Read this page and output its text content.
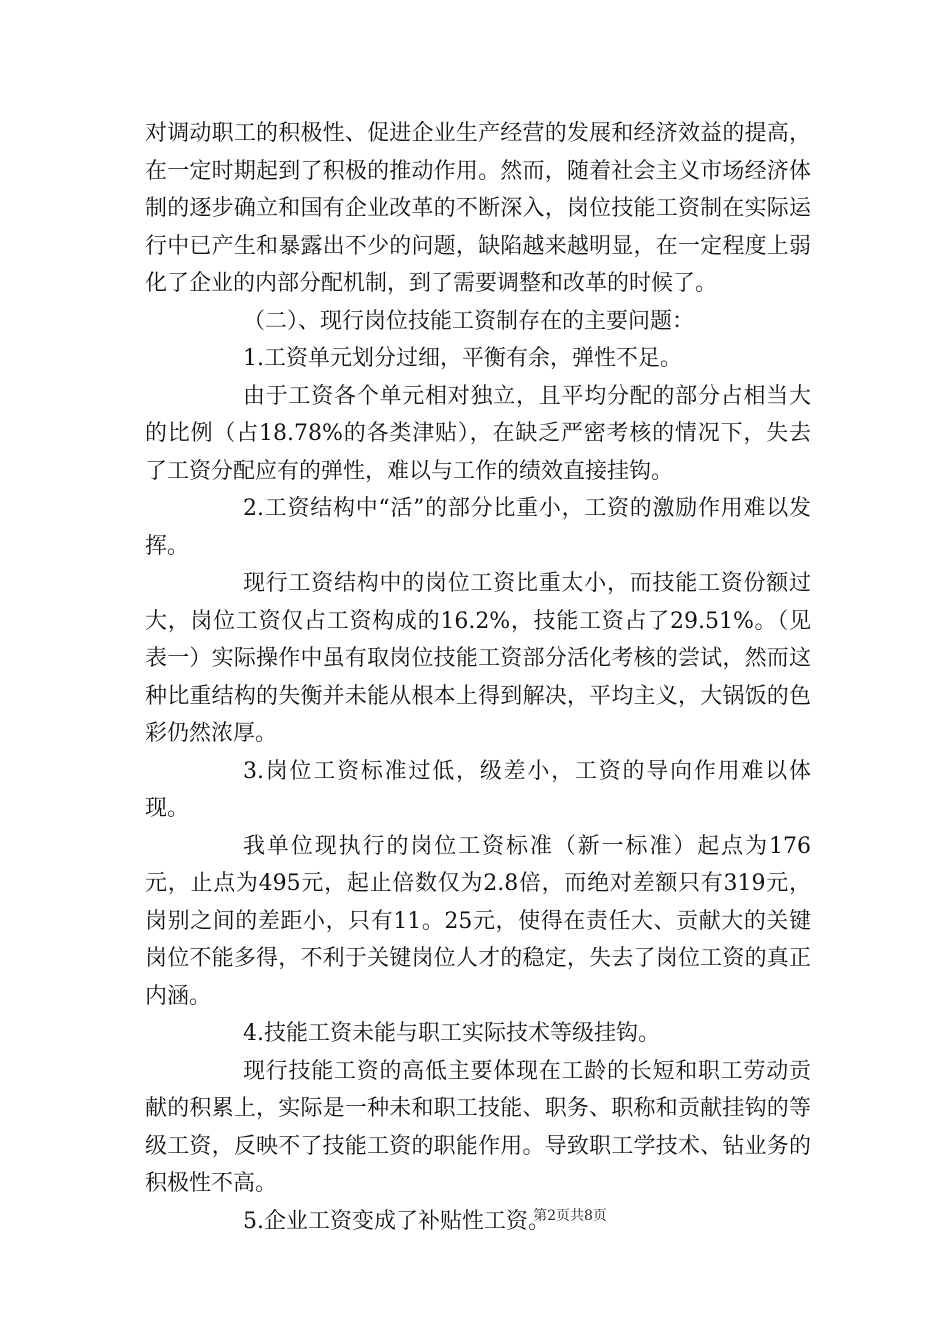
对调动职工的积极性、促进企业生产经营的发展和经济效益的提高，在一定时期起到了积极的推动作用。然而，随着社会主义市场经济体制的逐步确立和国有企业改革的不断深入，岗位技能工资制在实际运行中已产生和暴露出不少的问题，缺陷越来越明显，在一定程度上弱化了企业的内部分配机制，到了需要调整和改革的时候了。

（二）、现行岗位技能工资制存在的主要问题：

1.工资单元划分过细，平衡有余，弹性不足。

由于工资各个单元相对独立，且平均分配的部分占相当大的比例（占18.78%的各类津贴），在缺乏严密考核的情况下，失去了工资分配应有的弹性，难以与工作的绩效直接挂钩。

2.工资结构中“活”的部分比重小，工资的激励作用难以发挥。

现行工资结构中的岗位工资比重太小，而技能工资份额过大，岗位工资仅占工资构成的16.2%，技能工资占了29.51%。（见表一）实际操作中虽有取岗位技能工资部分活化考核的尝试，然而这种比重结构的失衡并未能从根本上得到解决，平均主义，大锅饭的色彩仍然浓厚。

3.岗位工资标准过低，级差小，工资的导向作用难以体现。

我单位现执行的岗位工资标准（新一标准）起点为176元，止点为495元，起止倍数仅为2.8倍，而绝对差额只有319元，岗别之间的差距小，只有11。25元，使得在责任大、贡献大的关键岗位不能多得，不利于关键岗位人才的稳定，失去了岗位工资的真正内涵。

4.技能工资未能与职工实际技术等级挂钩。

现行技能工资的高低主要体现在工龄的长短和职工劳动贡献的积累上，实际是一种未和职工技能、职务、职称和贡献挂钩的等级工资，反映不了技能工资的职能作用。导致职工学技术、钻业务的积极性不高。

5.企业工资变成了补贴性工资。

第2页共8页
